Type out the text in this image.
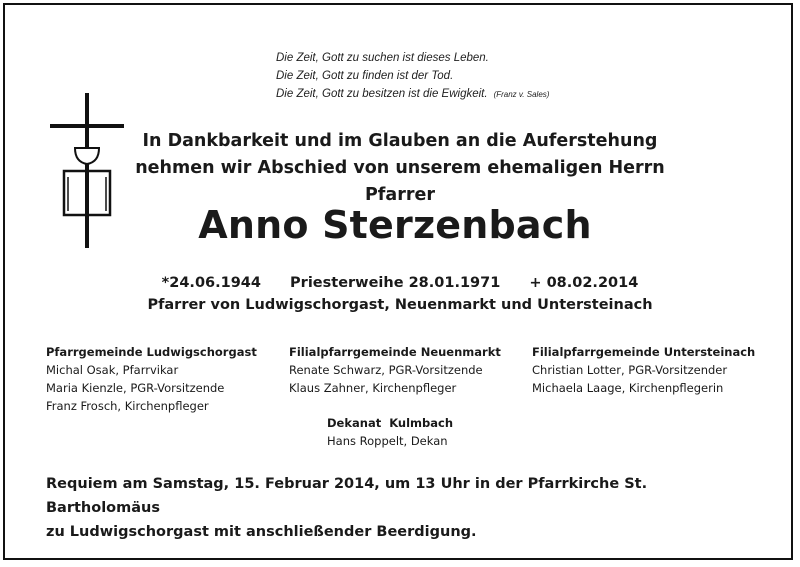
Die Zeit, Gott zu suchen ist dieses Leben.
Die Zeit, Gott zu finden ist der Tod.
Die Zeit, Gott zu besitzen ist die Ewigkeit. (Franz v. Sales)
In Dankbarkeit und im Glauben an die Auferstehung
nehmen wir Abschied von unserem ehemaligen Herrn Pfarrer
Anno Sterzenbach
*24.06.1944 Priesterweihe 28.01.1971 + 08.02.2014
Pfarrer von Ludwigschorgast, Neuenmarkt und Untersteinach
Pfarrgemeinde Ludwigschorgast
Michal Osak, Pfarrvikar
Maria Kienzle, PGR-Vorsitzende
Franz Frosch, Kirchenpfleger
Filialpfarrgemeinde Neuenmarkt
Renate Schwarz, PGR-Vorsitzende
Klaus Zahner, Kirchenpfleger
Filialpfarrgemeinde Untersteinach
Christian Lotter, PGR-Vorsitzender
Michaela Laage, Kirchenpflegerin
Dekanat  Kulmbach
Hans Roppelt, Dekan
Requiem am Samstag, 15. Februar 2014, um 13 Uhr in der Pfarrkirche St. Bartholomäus
zu Ludwigschorgast mit anschließender Beerdigung.
